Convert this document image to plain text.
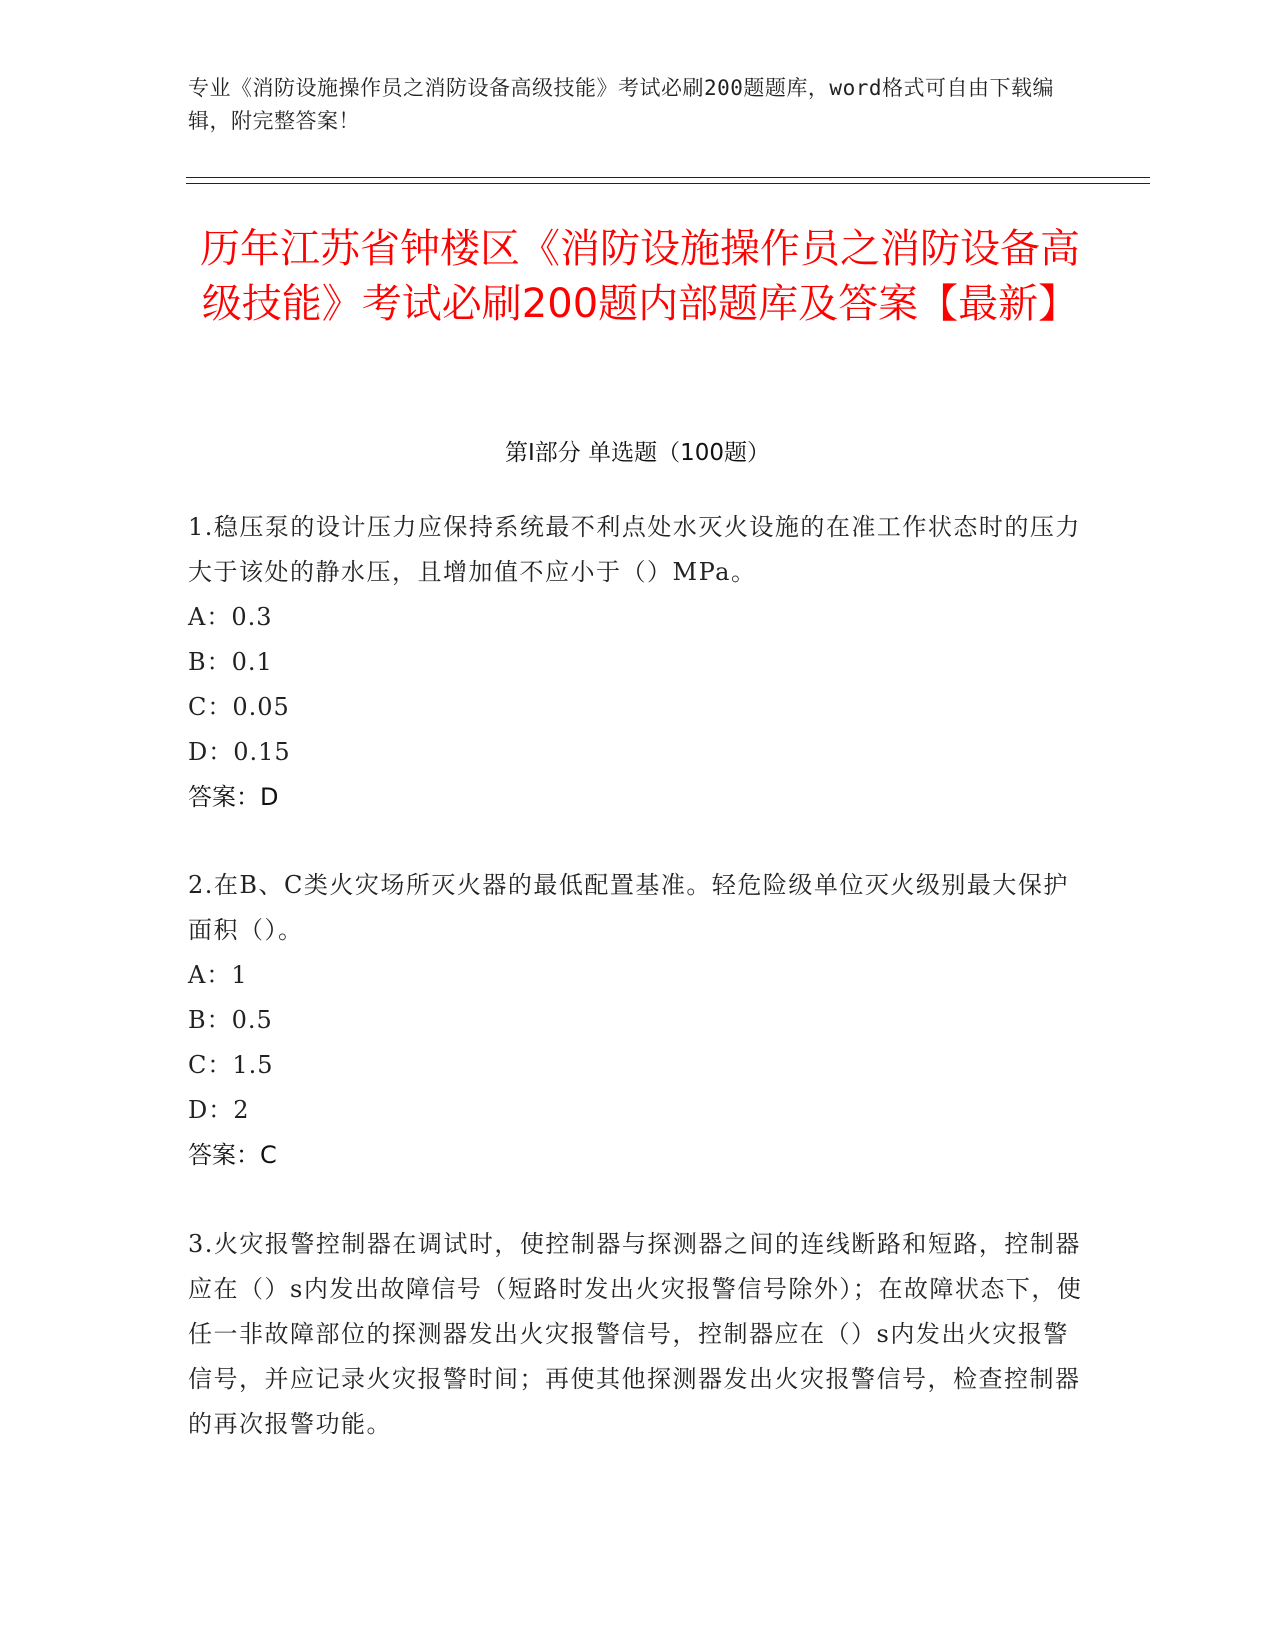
专业《消防设施操作员之消防设备高级技能》考试必刷200题题库，word格式可自由下载编辑，附完整答案！
历年江苏省钟楼区《消防设施操作员之消防设备高级技能》考试必刷200题内部题库及答案【最新】
第I部分 单选题（100题）
1.稳压泵的设计压力应保持系统最不利点处水灭火设施的在准工作状态时的压力大于该处的静水压，且增加值不应小于（）MPa。
A：0.3
B：0.1
C：0.05
D：0.15
答案：D
2.在B、C类火灾场所灭火器的最低配置基准。轻危险级单位灭火级别最大保护面积（）。
A：1
B：0.5
C：1.5
D：2
答案：C
3.火灾报警控制器在调试时，使控制器与探测器之间的连线断路和短路，控制器应在（）s内发出故障信号（短路时发出火灾报警信号除外）；在故障状态下，使任一非故障部位的探测器发出火灾报警信号，控制器应在（）s内发出火灾报警信号，并应记录火灾报警时间；再使其他探测器发出火灾报警信号，检查控制器的再次报警功能。
